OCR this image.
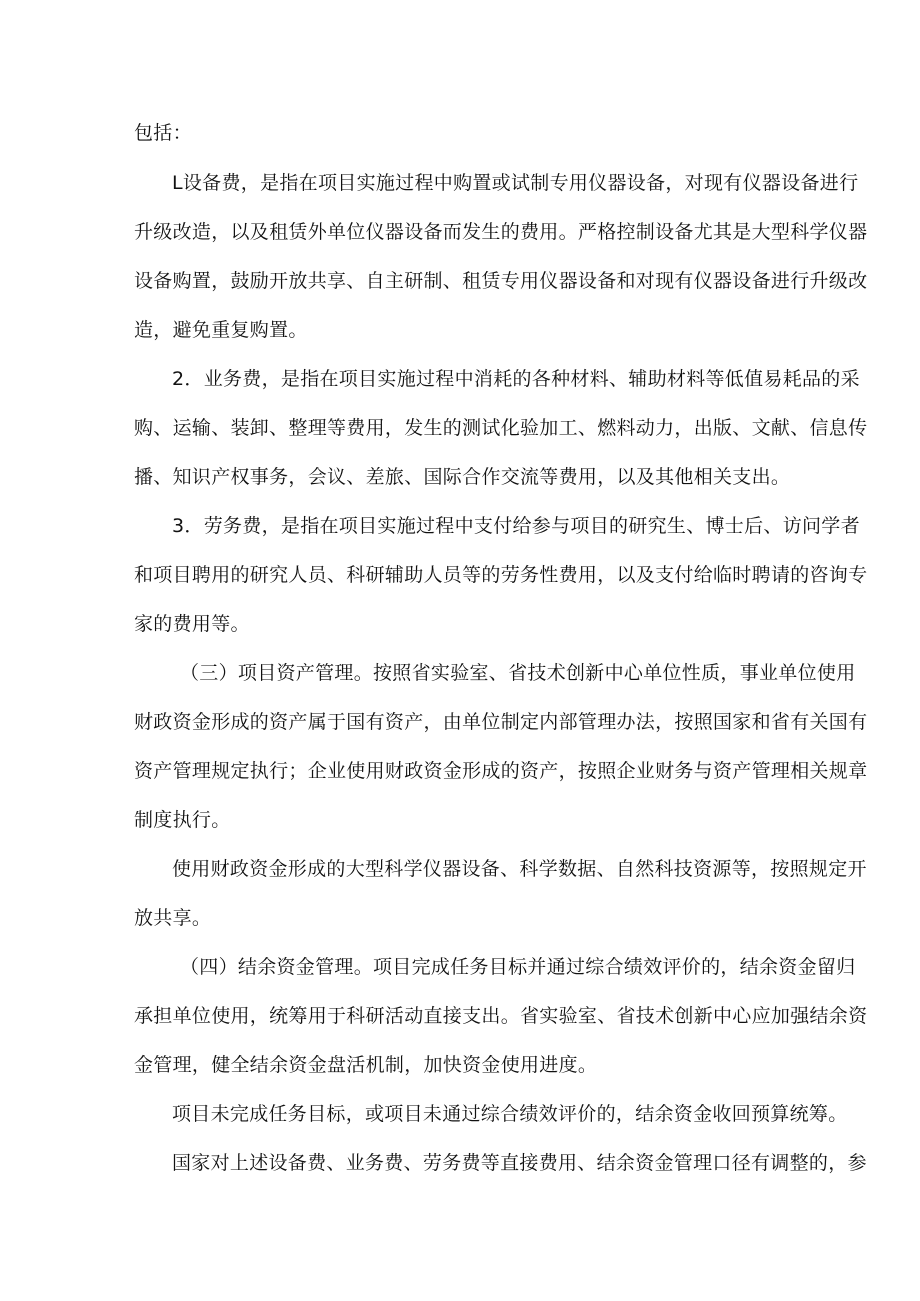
包括：

L设备费，是指在项目实施过程中购置或试制专用仪器设备，对现有仪器设备进行

升级改造，以及租赁外单位仪器设备而发生的费用。严格控制设备尤其是大型科学仪器

设备购置，鼓励开放共享、自主研制、租赁专用仪器设备和对现有仪器设备进行升级改

造，避免重复购置。

2．业务费，是指在项目实施过程中消耗的各种材料、辅助材料等低值易耗品的采

购、运输、装卸、整理等费用，发生的测试化验加工、燃料动力，出版、文献、信息传

播、知识产权事务，会议、差旅、国际合作交流等费用，以及其他相关支出。

3．劳务费，是指在项目实施过程中支付给参与项目的研究生、博士后、访问学者

和项目聘用的研究人员、科研辅助人员等的劳务性费用，以及支付给临时聘请的咨询专

家的费用等。

（三）项目资产管理。按照省实验室、省技术创新中心单位性质，事业单位使用

财政资金形成的资产属于国有资产，由单位制定内部管理办法，按照国家和省有关国有

资产管理规定执行；企业使用财政资金形成的资产，按照企业财务与资产管理相关规章

制度执行。

使用财政资金形成的大型科学仪器设备、科学数据、自然科技资源等，按照规定开

放共享。

（四）结余资金管理。项目完成任务目标并通过综合绩效评价的，结余资金留归

承担单位使用，统筹用于科研活动直接支出。省实验室、省技术创新中心应加强结余资

金管理，健全结余资金盘活机制，加快资金使用进度。

项目未完成任务目标，或项目未通过综合绩效评价的，结余资金收回预算统筹。

国家对上述设备费、业务费、劳务费等直接费用、结余资金管理口径有调整的，参
